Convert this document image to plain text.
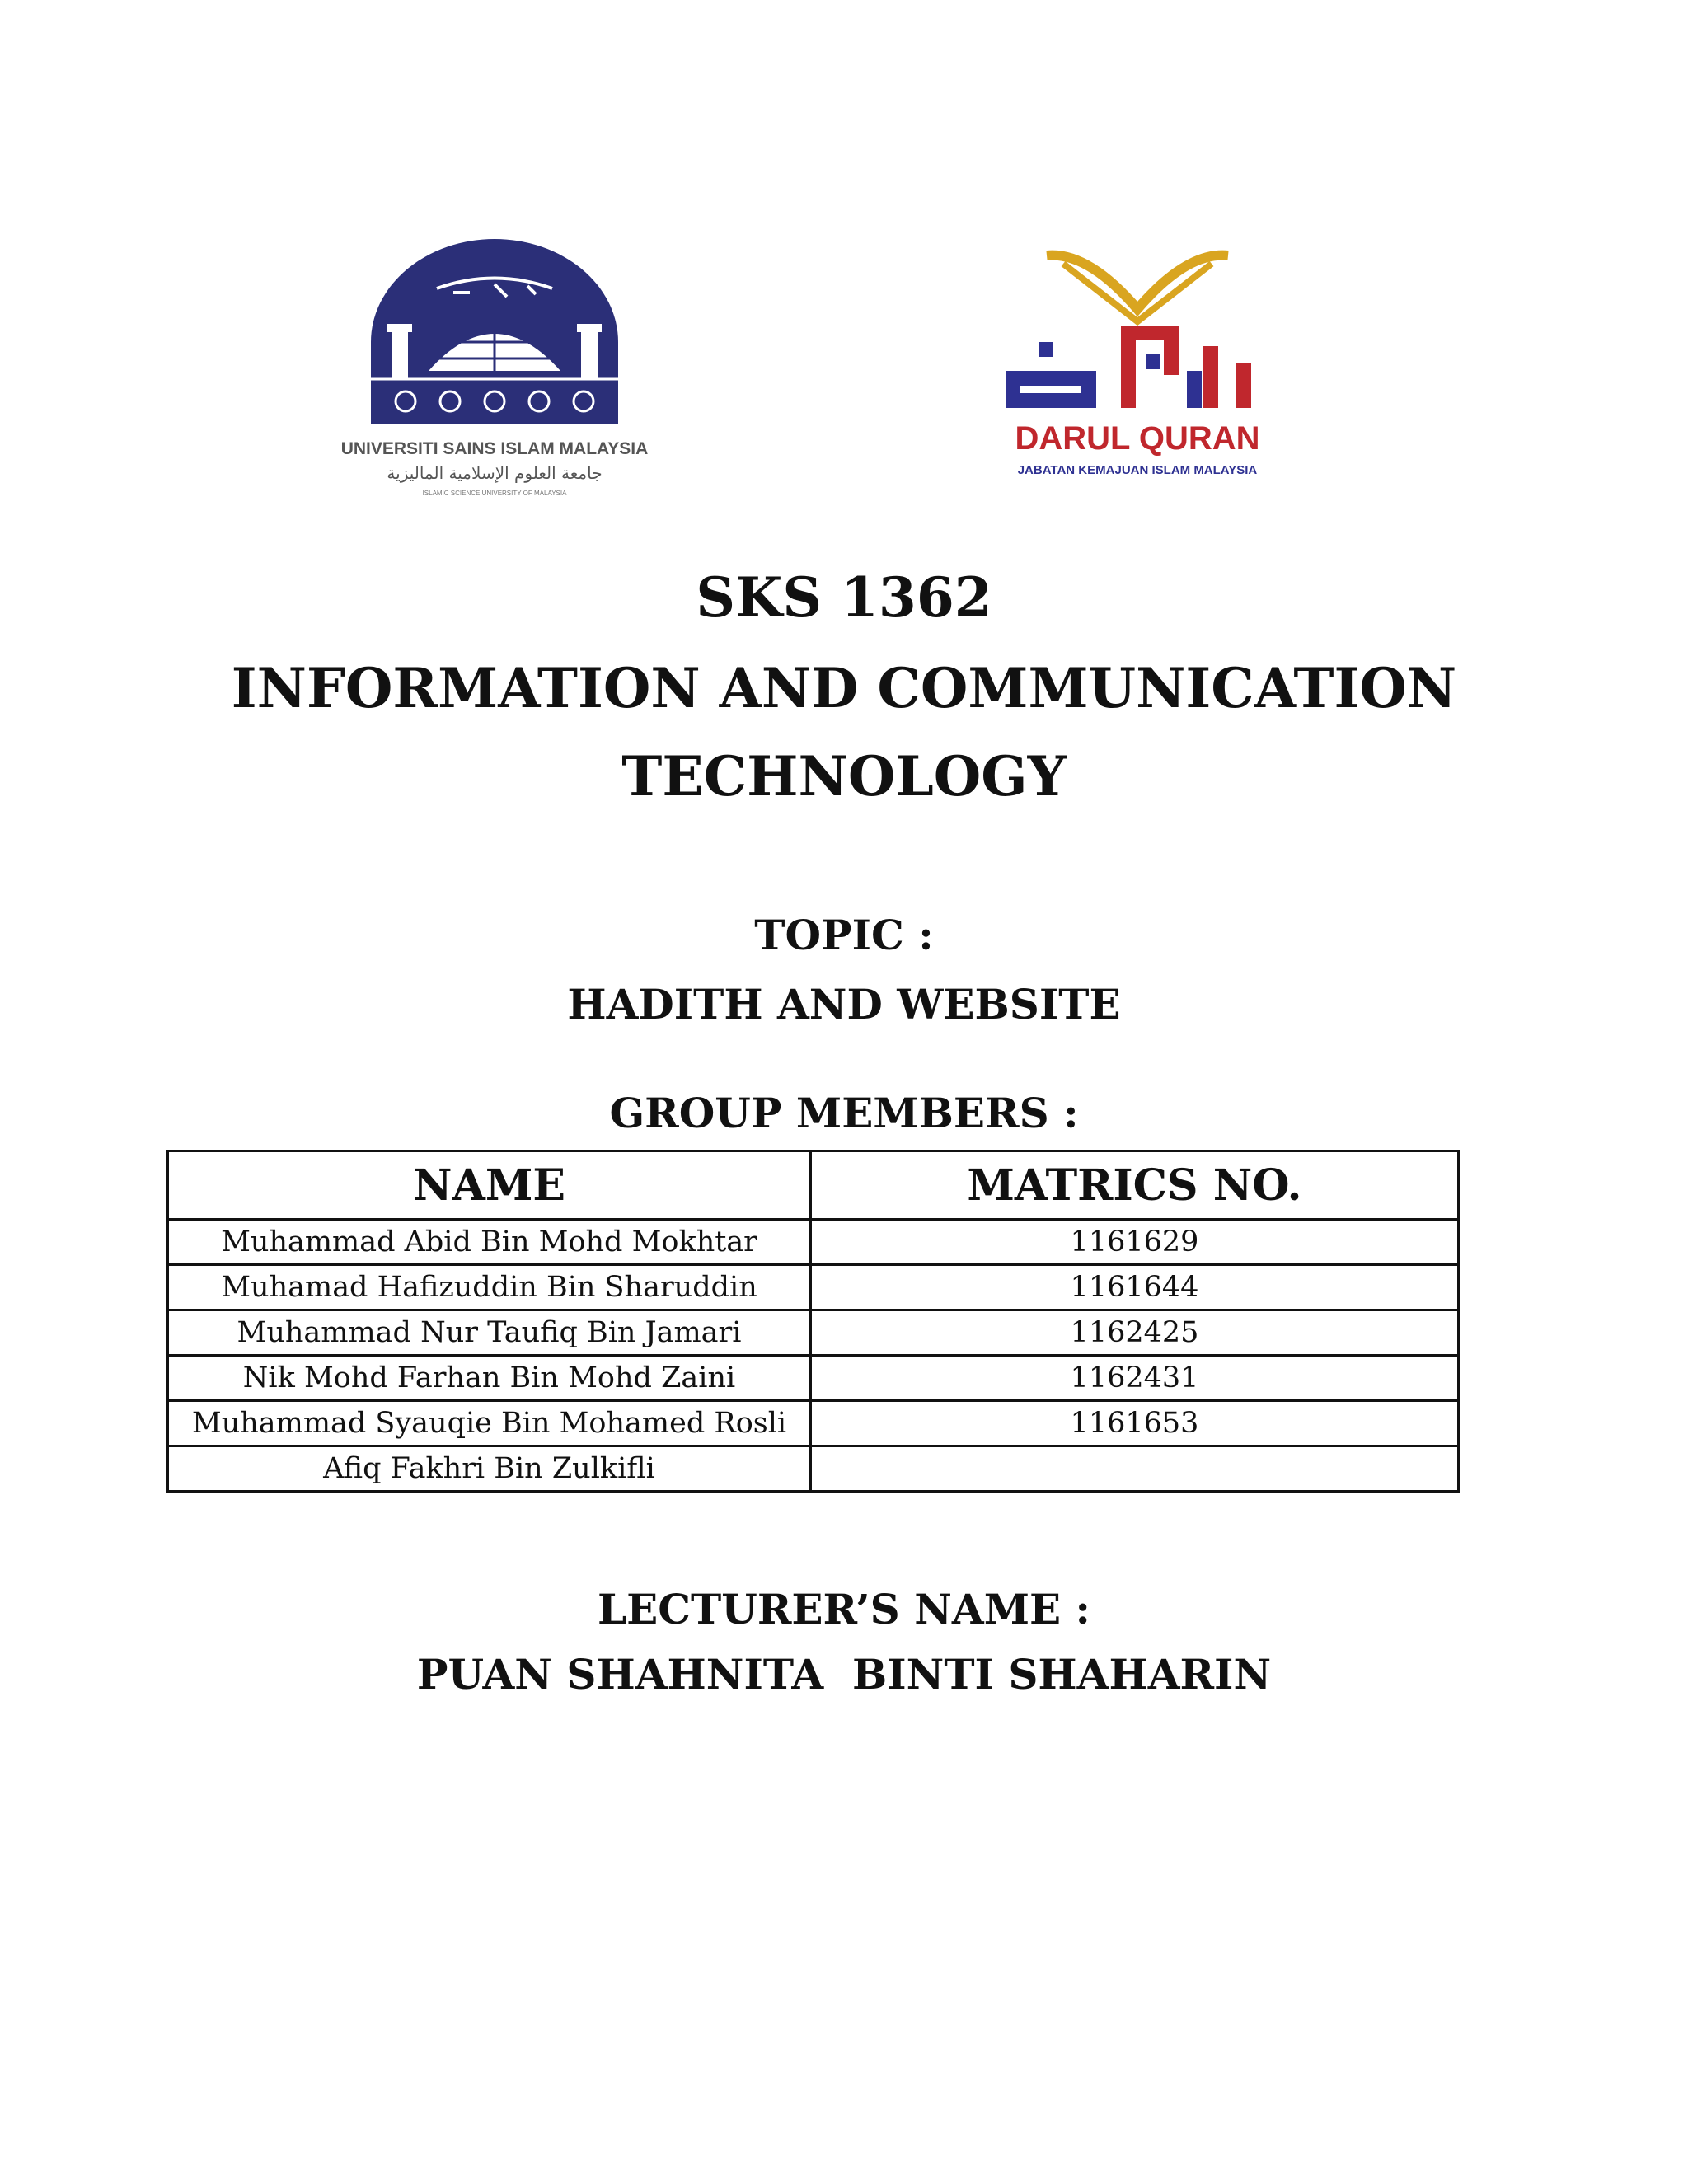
UNIVERSITI SAINS ISLAM MALAYSIA
جامعة العلوم الإسلامية الماليزية
ISLAMIC SCIENCE UNIVERSITY OF MALAYSIA
DARUL QURAN
JABATAN KEMAJUAN ISLAM MALAYSIA
SKS 1362
INFORMATION AND COMMUNICATION
TECHNOLOGY
TOPIC :
HADITH AND WEBSITE
GROUP MEMBERS :
NAME	MATRICS NO.
Muhammad Abid Bin Mohd Mokhtar	1161629
Muhamad Hafizuddin Bin Sharuddin	1161644
Muhammad Nur Taufiq Bin Jamari	1162425
Nik Mohd Farhan Bin Mohd Zaini	1162431
Muhammad Syauqie Bin Mohamed Rosli	1161653
Afiq Fakhri Bin Zulkifli	
LECTURER’S NAME :
PUAN SHAHNITA  BINTI SHAHARIN
